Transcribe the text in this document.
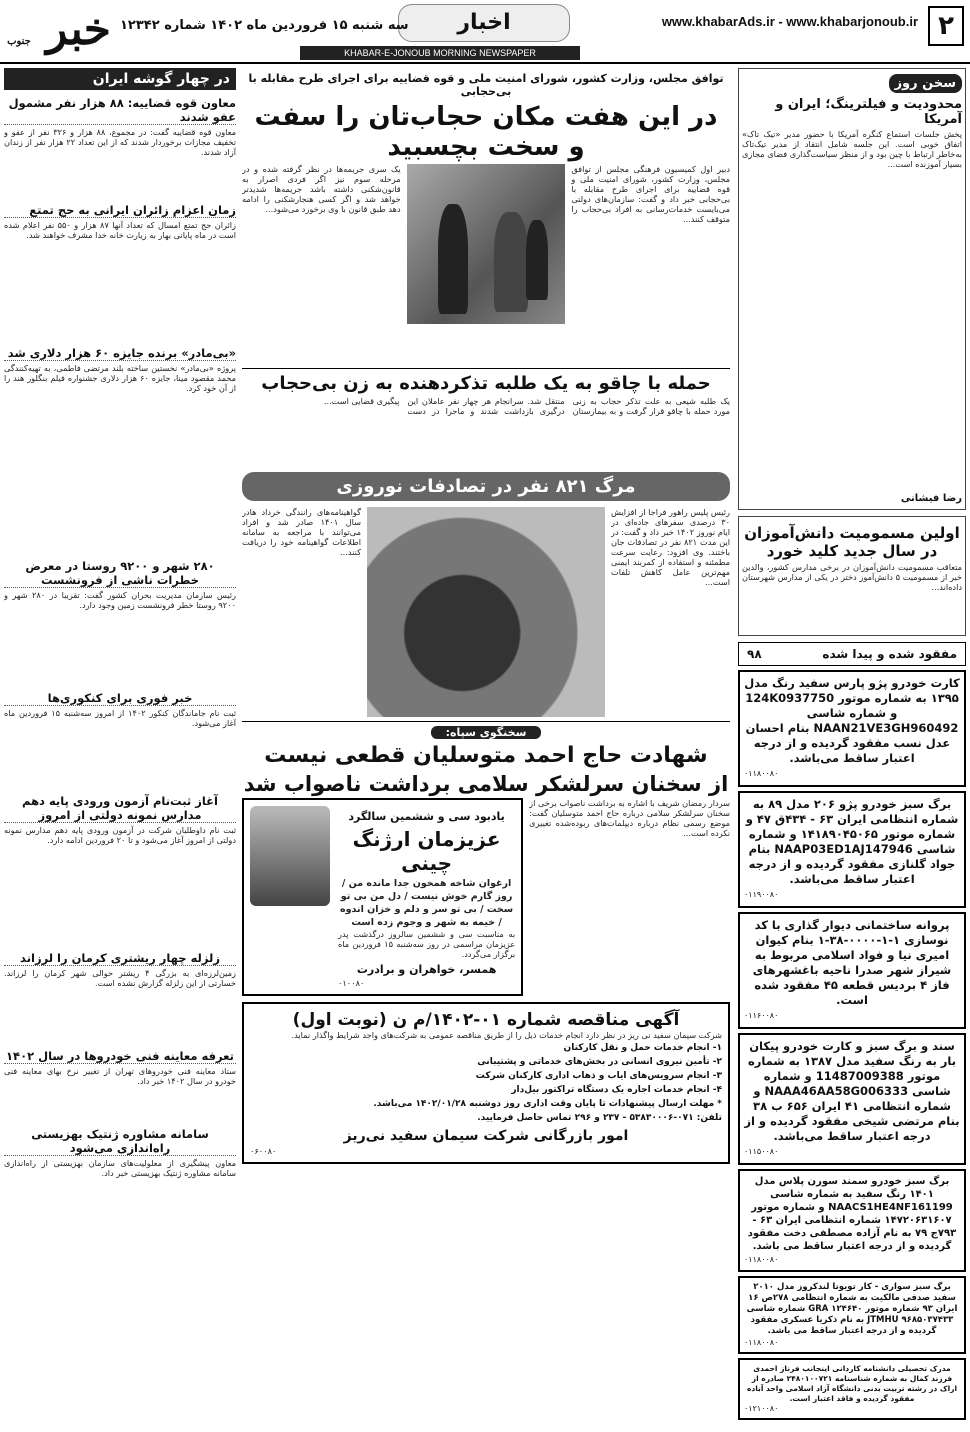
۲
www.khabarAds.ir - www.khabarjonoub.ir
اخبار
سه شنبه ۱۵ فروردین ماه ۱۴۰۲ شماره ۱۲۳۴۲
خبر جنوب
KHABAR-E-JONOUB MORNING NEWSPAPER
سخن روز
محدودیت و فیلترینگ؛ ایران و آمریکا
پخش جلسات استماع کنگره آمریکا با حضور مدیر «تیک تاک» اتفاق خوبی است. این جلسه شامل انتقاد از مدیر تیک‌تاک به‌خاطر ارتباط با چین بود و از منظر سیاست‌گذاری فضای مجازی بسیار آموزنده است...
رضا فیشانی
اولین مسمومیت دانش‌آموزان در سال جدید کلید خورد
متعاقب مسمومیت دانش‌آموزان در برخی مدارس کشور، والدین خبر از مسمومیت ۵ دانش‌آموز دختر در یکی از مدارس شهرستان داده‌اند...
مفقود شده و پیدا شده
۹۸
کارت خودرو پژو پارس سفید رنگ مدل ۱۳۹۵ به شماره موتور 124K0937750 و شماره شاسی NAAN21VE3GH960492 بنام احسان عدل نسب مفقود گردیده و از درجه اعتبار ساقط می‌باشد.
۰۱۱۸۰۰۸۰
برگ سبز خودرو پژو ۲۰۶ مدل ۸۹ به شماره انتظامی ایران ۶۳ - ۴۳۴ق ۴۷ و شماره موتور ۱۴۱۸۹۰۴۵۰۶۵ و شماره شاسی NAAP03ED1AJ147946 بنام جواد گلنازی مفقود گردیده و از درجه اعتبار ساقط می‌باشد.
۰۱۱۹۰۰۸۰
پروانه ساختمانی دیوار گذاری با کد نوسازی ۱-۱-۰۰۰۰-۳۸-۱ بنام کیوان امیری نیا و فواد اسلامی مربوط به شیراز شهر صدرا ناحیه باغشهرهای فاز ۴ بردیس قطعه ۴۵ مفقود شده است.
۰۱۱۶۰۰۸۰
سند و برگ سبز و کارت خودرو پیکان بار به رنگ سفید مدل ۱۳۸۷ به شماره موتور 11487009388 و شماره شاسی NAAA46AA58G006333 و شماره انتظامی ۴۱ ایران ۶۵۶ ب ۳۸ بنام مرتضی شیخی مفقود گردیده و از درجه اعتبار ساقط می‌باشد.
۰۱۱۵۰۰۸۰
برگ سبز خودرو سمند سورن پلاس مدل ۱۴۰۱ رنگ سفید به شماره شاسی NAACS1HE4NF161199 و شماره موتور ۱۴۷۲۰۶۳۱۶۰۷ شماره انتظامی ایران ۶۳ - ۷۹۳ج ۷۹ به نام آزاده مصطفی دخت مفقود گردیده و از درجه اعتبار ساقط می باشد.
۰۱۱۸۰۰۸۰
برگ سبز سواری - کار تویوتا لندکروز مدل ۲۰۱۰ سفید صدفی مالکیت به شماره انتظامی ۲۷۸ص ۱۶ ایران ۹۳ شماره موتور GRA ۱۲۴۶۴۰ شماره شاسی JTMHU ۹۶۸۵۰۳۷۴۳۳ به نام ذکریا عسکری مفقود گردیده و از درجه اعتبار ساقط می باشد.
۰۱۱۸۰۰۸۰
مدرک تحصیلی دانشنامه کاردانی اینجانب فرناز احمدی فرزند کمال به شماره شناسنامه ۲۴۸۰۱۰۰۷۲۱ صادره از اراک در رشته تربیت بدنی دانشگاه آزاد اسلامی واحد آباده مفقود گردیده و فاقد اعتبار است.
۰۱۲۱۰۰۸۰
توافق مجلس، وزارت کشور، شورای امنیت ملی و قوه قضاییه برای اجرای طرح مقابله با بی‌حجابی
در این هفت مکان حجاب‌تان را سفت و سخت بچسبید
دبیر اول کمیسیون فرهنگی مجلس از توافق مجلس، وزارت کشور، شورای امنیت ملی و قوه قضاییه برای اجرای طرح مقابله با بی‌حجابی خبر داد و گفت: سازمان‌های دولتی می‌بایست خدمات‌رسانی به افراد بی‌حجاب را متوقف کنند...
یک سری جریمه‌ها در نظر گرفته شده و در مرحله سوم نیز اگر فردی اصرار به قانون‌شکنی داشته باشد جریمه‌ها شدیدتر خواهد شد و اگر کسی هنجارشکنی را ادامه دهد طبق قانون با وی برخورد می‌شود...
حمله با چاقو به یک طلبه تذکردهنده به زن بی‌حجاب
یک طلبه شیعی به علت تذکر حجاب به زنی مورد حمله با چاقو قرار گرفت و به بیمارستان منتقل شد. سرانجام هر چهار نفر عاملان این درگیری بازداشت شدند و ماجرا در دست پیگیری قضایی است...
مرگ ۸۲۱ نفر در تصادفات نوروزی
رئیس پلیس راهور فراجا از افزایش ۳۰ درصدی سفرهای جاده‌ای در ایام نوروز ۱۴۰۲ خبر داد و گفت: در این مدت ۸۲۱ نفر در تصادفات جان باختند. وی افزود: رعایت سرعت مطمئنه و استفاده از کمربند ایمنی مهم‌ترین عامل کاهش تلفات است...
گواهینامه‌های رانندگی خرداد هادر سال ۱۴۰۱ صادر شد و افراد می‌توانند با مراجعه به سامانه اطلاعات گواهینامه خود را دریافت کنند...
سخنگوی سپاه:
شهادت حاج احمد متوسلیان قطعی نیست
از سخنان سرلشکر سلامی برداشت ناصواب شد
سردار رمضان شریف با اشاره به برداشت ناصواب برخی از سخنان سرلشکر سلامی درباره حاج احمد متوسلیان گفت: موضع رسمی نظام درباره دیپلمات‌های ربوده‌شده تغییری نکرده است...
یادبود سی و ششمین سالگرد
عزیزمان ارژنگ چینی
ارغوان شاخه همخون جدا مانده من / روز گارم خوش نیست / دل من بی تو سخت / بی تو سر و دلم و خزان اندوه / خیمه به شهر و وجوم زده است
به مناسبت سی و ششمین سالروز درگذشت پدر عزیزمان مراسمی در روز سه‌شنبه ۱۵ فروردین ماه برگزار می‌گردد.
همسر، خواهران و برادرت
۰۱۰۰۸۰
آگهی مناقصه شماره ۰۱-۱۴۰۲/م ن (نوبت اول)
شرکت سیمان سفید نی ریز در نظر دارد انجام خدمات ذیل را از طریق مناقصه عمومی به شرکت‌های واجد شرایط واگذار نماید.
۱- انجام خدمات حمل و نقل کارکنان
۲- تأمین نیروی انسانی در بخش‌های خدماتی و پشتیبانی
۳- انجام سرویس‌های ایاب و ذهاب اداری کارکنان شرکت
۴- انجام خدمات اجاره یک دستگاه تراکتور بیل‌دار
* مهلت ارسال پیشنهادات تا پایان وقت اداری روز دوشنبه ۱۴۰۲/۰۱/۲۸ می‌باشد.
تلفن: ۰۷۱-۵۳۸۳۰۰۰۶ - ۲۳۷ و ۲۹۶ تماس حاصل فرمایید.
امور بازرگانی شرکت سیمان سفید نی‌ریز
۰۶۰۰۸۰
در چهار گوشه ایران
معاون قوه قضاییه: ۸۸ هزار نفر مشمول عفو شدند
معاون قوه قضاییه گفت: در مجموع، ۸۸ هزار و ۳۲۶ نفر از عفو و تخفیف مجازات برخوردار شدند که از این تعداد ۲۲ هزار نفر از زندان آزاد شدند.
زمان اعزام زائران ایرانی به حج تمتع
زائران حج تمتع امسال که تعداد آنها ۸۷ هزار و ۵۵۰ نفر اعلام شده است در ماه پایانی بهار به زیارت خانه خدا مشرف خواهند شد.
«بی‌مادر» برنده جایزه ۶۰ هزار دلاری شد
پروژه «بی‌مادر» نخستین ساخته بلند مرتضی فاطمی، به تهیه‌کنندگی محمد مقصود مینا، جایزه ۶۰ هزار دلاری جشنواره فیلم بنگلور هند را از آن خود کرد.
۲۸۰ شهر و ۹۲۰۰ روستا در معرض خطرات ناشی از فرونشست
رئیس سازمان مدیریت بحران کشور گفت: تقریبا در ۲۸۰ شهر و ۹۲۰۰ روستا خطر فرونشست زمین وجود دارد.
خبر فوری برای کنکوری‌ها
ثبت نام جاماندگان کنکور ۱۴۰۲ از امروز سه‌شنبه ۱۵ فروردین ماه آغاز می‌شود.
آغاز ثبت‌نام آزمون ورودی پایه دهم مدارس نمونه دولتی از امروز
ثبت نام داوطلبان شرکت در آزمون ورودی پایه دهم مدارس نمونه دولتی از امروز آغاز می‌شود و تا ۲۰ فروردین ادامه دارد.
زلزله چهار ریشتری کرمان را لرزاند
زمین‌لرزه‌ای به بزرگی ۴ ریشتر حوالی شهر کرمان را لرزاند. خسارتی از این زلزله گزارش نشده است.
تعرفه معاینه فنی خودروها در سال ۱۴۰۲
ستاد معاینه فنی خودروهای تهران از تغییر نرخ بهای معاینه فنی خودرو در سال ۱۴۰۲ خبر داد.
سامانه مشاوره ژنتیک بهزیستی راه‌اندازی می‌شود
معاون پیشگیری از معلولیت‌های سازمان بهزیستی از راه‌اندازی سامانه مشاوره ژنتیک بهزیستی خبر داد.
